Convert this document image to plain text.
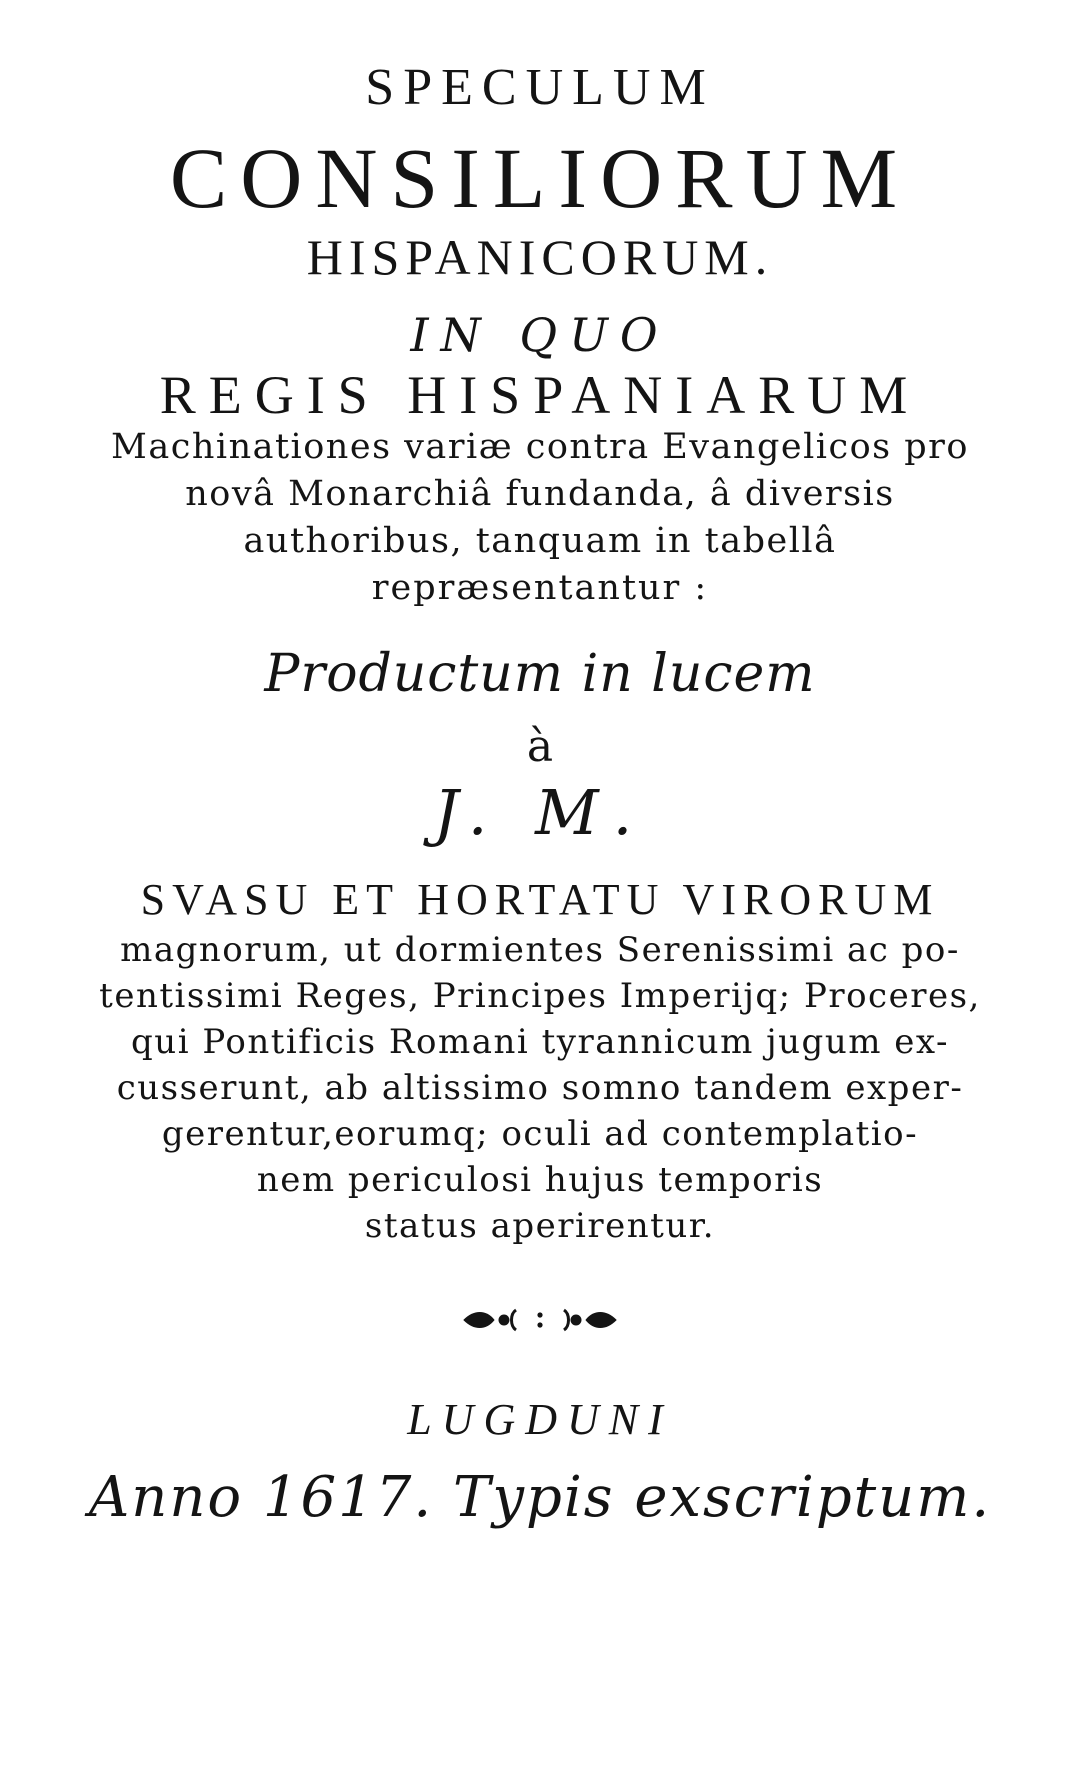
SPECULUM
CONSILIORUM
HISPANICORUM.
IN QUO
REGIS HISPANIARUM
Machinationes variæ contra Evangelicos pro
novâ Monarchiâ fundanda, â diversis
authoribus, tanquam in tabellâ
repræsentantur :
Productum in lucem
à
J. M.
SVASU ET HORTATU VIRORUM
magnorum, ut dormientes Serenissimi ac po-
tentissimi Reges, Principes Imperijq; Proceres,
qui Pontificis Romani tyrannicum jugum ex-
cusserunt, ab altissimo somno tandem exper-
gerentur,eorumq; oculi ad contemplatio-
nem periculosi hujus temporis
status aperirentur.
LUGDUNI
Anno 1617. Typis exscriptum.
